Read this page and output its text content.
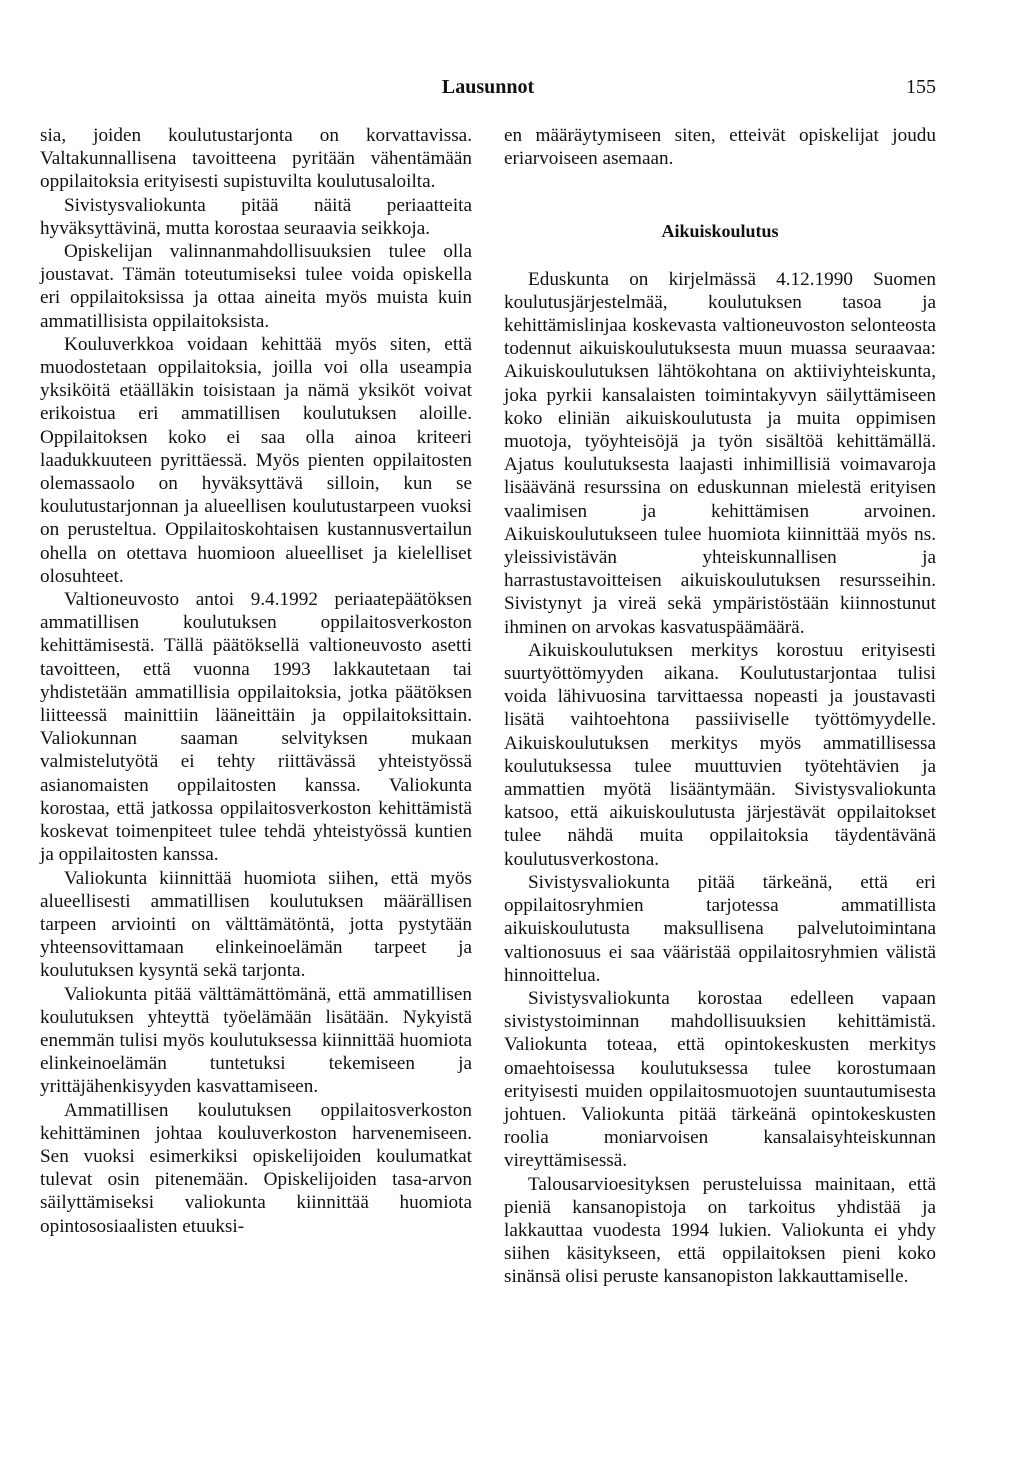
Lausunnot	155

sia, joiden koulutustarjonta on korvattavissa. Valtakunnallisena tavoitteena pyritään vähentämään oppilaitoksia erityisesti supistuvilta koulutusaloilta.

Sivistysvaliokunta pitää näitä periaatteita hyväksyttävinä, mutta korostaa seuraavia seikkoja.

Opiskelijan valinnanmahdollisuuksien tulee olla joustavat. Tämän toteutumiseksi tulee voida opiskella eri oppilaitoksissa ja ottaa aineita myös muista kuin ammatillisista oppilaitoksista.

Kouluverkkoa voidaan kehittää myös siten, että muodostetaan oppilaitoksia, joilla voi olla useampia yksiköitä etäälläkin toisistaan ja nämä yksiköt voivat erikoistua eri ammatillisen koulutuksen aloille. Oppilaitoksen koko ei saa olla ainoa kriteeri laadukkuuteen pyrittäessä. Myös pienten oppilaitosten olemassaolo on hyväksyttävä silloin, kun se koulutustarjonnan ja alueellisen koulutustarpeen vuoksi on perusteltua. Oppilaitoskohtaisen kustannusvertailun ohella on otettava huomioon alueelliset ja kielelliset olosuhteet.

Valtioneuvosto antoi 9.4.1992 periaatepäätöksen ammatillisen koulutuksen oppilaitosverkoston kehittämisestä. Tällä päätöksellä valtioneuvosto asetti tavoitteen, että vuonna 1993 lakkautetaan tai yhdistetään ammatillisia oppilaitoksia, jotka päätöksen liitteessä mainittiin lääneittäin ja oppilaitoksittain. Valiokunnan saaman selvityksen mukaan valmistelutyötä ei tehty riittävässä yhteistyössä asianomaisten oppilaitosten kanssa. Valiokunta korostaa, että jatkossa oppilaitosverkoston kehittämistä koskevat toimenpiteet tulee tehdä yhteistyössä kuntien ja oppilaitosten kanssa.

Valiokunta kiinnittää huomiota siihen, että myös alueellisesti ammatillisen koulutuksen määrällisen tarpeen arviointi on välttämätöntä, jotta pystytään yhteensovittamaan elinkeinoelämän tarpeet ja koulutuksen kysyntä sekä tarjonta.

Valiokunta pitää välttämättömänä, että ammatillisen koulutuksen yhteyttä työelämään lisätään. Nykyistä enemmän tulisi myös koulutuksessa kiinnittää huomiota elinkeinoelämän tuntetuksi tekemiseen ja yrittäjähenkisyyden kasvattamiseen.

Ammatillisen koulutuksen oppilaitosverkoston kehittäminen johtaa kouluverkoston harvenemiseen. Sen vuoksi esimerkiksi opiskelijoiden koulumatkat tulevat osin pitenemään. Opiskelijoiden tasa-arvon säilyttämiseksi valiokunta kiinnittää huomiota opintososiaalisten etuuksi-

en määräytymiseen siten, etteivät opiskelijat joudu eriarvoiseen asemaan.

Aikuiskoulutus

Eduskunta on kirjelmässä 4.12.1990 Suomen koulutusjärjestelmää, koulutuksen tasoa ja kehittämislinjaa koskevasta valtioneuvoston selonteosta todennut aikuiskoulutuksesta muun muassa seuraavaa: Aikuiskoulutuksen lähtökohtana on aktiiviyhteiskunta, joka pyrkii kansalaisten toimintakyvyn säilyttämiseen koko eliniän aikuiskoulutusta ja muita oppimisen muotoja, työyhteisöjä ja työn sisältöä kehittämällä. Ajatus koulutuksesta laajasti inhimillisiä voimavaroja lisäävänä resurssina on eduskunnan mielestä erityisen vaalimisen ja kehittämisen arvoinen. Aikuiskoulutukseen tulee huomiota kiinnittää myös ns. yleissivistävän yhteiskunnallisen ja harrastustavoitteisen aikuiskoulutuksen resursseihin. Sivistynyt ja vireä sekä ympäristöstään kiinnostunut ihminen on arvokas kasvatuspäämäärä.

Aikuiskoulutuksen merkitys korostuu erityisesti suurtyöttömyyden aikana. Koulutustarjontaa tulisi voida lähivuosina tarvittaessa nopeasti ja joustavasti lisätä vaihtoehtona passiiviselle työttömyydelle. Aikuiskoulutuksen merkitys myös ammatillisessa koulutuksessa tulee muuttuvien työtehtävien ja ammattien myötä lisääntymään. Sivistysvaliokunta katsoo, että aikuiskoulutusta järjestävät oppilaitokset tulee nähdä muita oppilaitoksia täydentävänä koulutusverkostona.

Sivistysvaliokunta pitää tärkeänä, että eri oppilaitosryhmien tarjotessa ammatillista aikuiskoulutusta maksullisena palvelutoimintana valtionosuus ei saa vääristää oppilaitosryhmien välistä hinnoittelua.

Sivistysvaliokunta korostaa edelleen vapaan sivistystoiminnan mahdollisuuksien kehittämistä. Valiokunta toteaa, että opintokeskusten merkitys omaehtoisessa koulutuksessa tulee korostumaan erityisesti muiden oppilaitosmuotojen suuntautumisesta johtuen. Valiokunta pitää tärkeänä opintokeskusten roolia moniarvoisen kansalaisyhteiskunnan vireyttämisessä.

Talousarvioesityksen perusteluissa mainitaan, että pieniä kansanopistoja on tarkoitus yhdistää ja lakkauttaa vuodesta 1994 lukien. Valiokunta ei yhdy siihen käsitykseen, että oppilaitoksen pieni koko sinänsä olisi peruste kansanopiston lakkauttamiselle.
